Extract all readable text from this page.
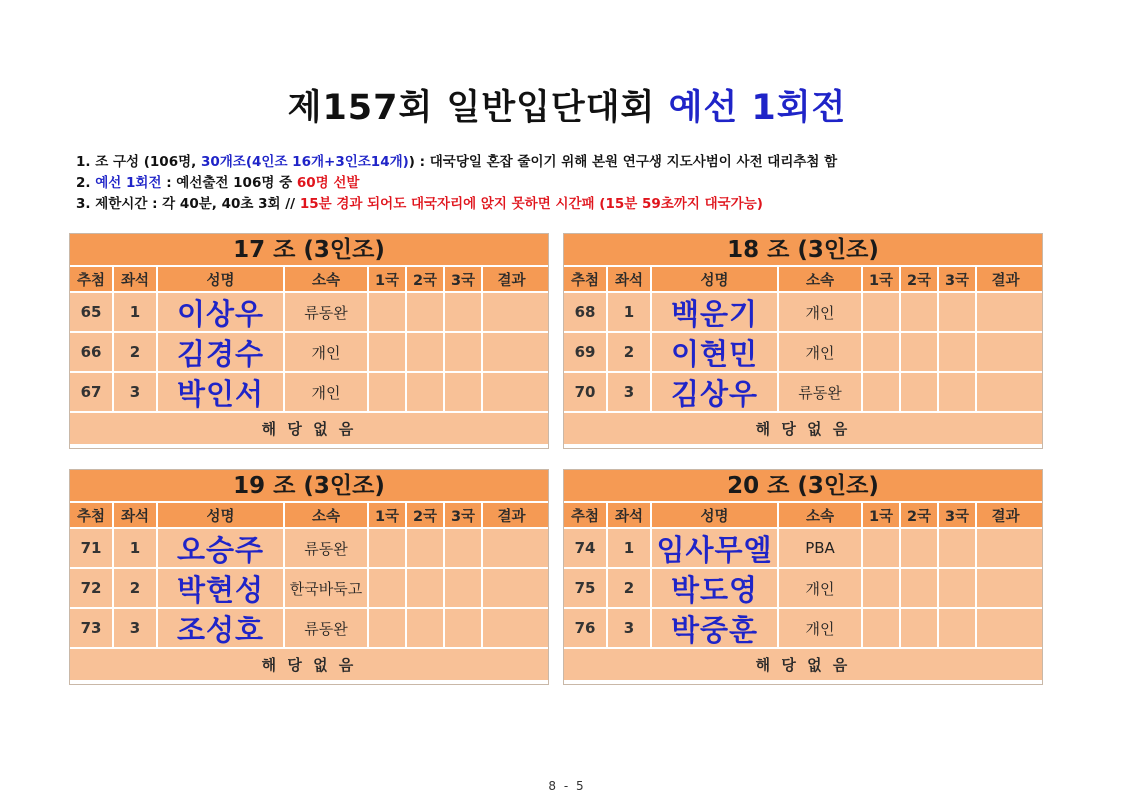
제157회 일반입단대회 예선 1회전
1. 조 구성 (106명, 30개조(4인조 16개+3인조14개)) : 대국당일 혼잡 줄이기 위해 본원 연구생 지도사범이 사전 대리추첨 함
2. 예선 1회전 : 예선출전 106명 중 60명 선발
3. 제한시간 : 각 40분, 40초 3회 // 15분 경과 되어도 대국자리에 앉지 못하면 시간패 (15분 59초까지 대국가능)
17 조 (3인조)
추첨	좌석	성명	소속	1국 2국 3국	결과
65	1	이상우	류동완
66	2	김경수	개인
67	3	박인서	개인
해 당 없 음
18 조 (3인조)
추첨	좌석	성명	소속	1국 2국 3국	결과
68	1	백운기	개인
69	2	이현민	개인
70	3	김상우	류동완
해 당 없 음
19 조 (3인조)
추첨	좌석	성명	소속	1국 2국 3국	결과
71	1	오승주	류동완
72	2	박현성	한국바둑고
73	3	조성호	류동완
해 당 없 음
20 조 (3인조)
추첨	좌석	성명	소속	1국 2국 3국	결과
74	1 임사무엘	PBA
75	2	박도영	개인
76	3	박중훈	개인
해 당 없 음
8 - 5
